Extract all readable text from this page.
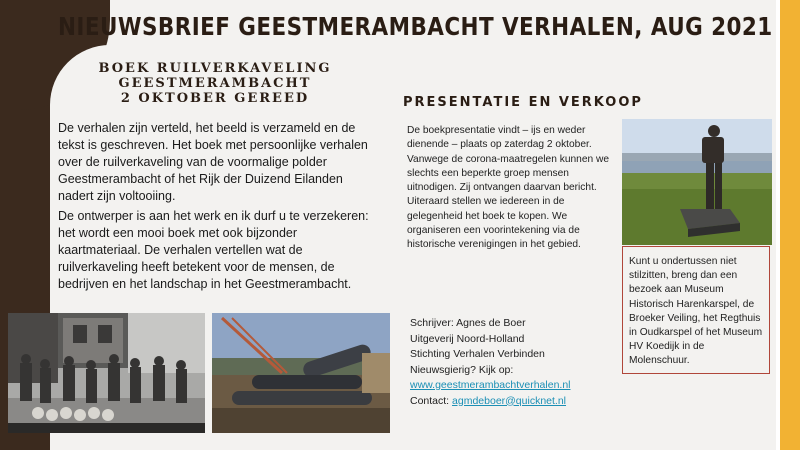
NIEUWSBRIEF GEESTMERAMBACHT VERHALEN, AUG 2021
BOEK RUILVERKAVELING
GEESTMERAMBACHT
2 OKTOBER GEREED

De verhalen zijn verteld, het beeld is verzameld en de tekst is geschreven. Het boek met persoonlijke verhalen over de ruilverkaveling van de voormalige polder Geestmerambacht of het Rijk der Duizend Eilanden nadert zijn voltooiing.

De ontwerper is aan het werk en ik durf u te verzekeren: het wordt een mooi boek met ook bijzonder kaartmateriaal. De verhalen vertellen wat de ruilverkaveling heeft betekent voor de mensen, de bedrijven en het landschap in het Geestmerambacht.

PRESENTATIE EN VERKOOP
De boekpresentatie vindt – ijs en weder dienende – plaats op zaterdag 2 oktober. Vanwege de corona-maatregelen kunnen we slechts een beperkte groep mensen uitnodigen. Zij ontvangen daarvan bericht. Uiteraard stellen we iedereen in de gelegenheid het boek te kopen. We organiseren een voorintekening via de historische verenigingen in het gebied.
Kunt u ondertussen niet stilzitten, breng dan een bezoek aan Museum Historisch Harenkarspel, de Broeker Veiling, het Regthuis in Oudkarspel of het Museum HV Koedijk in de Molenschuur.
Schrijver: Agnes de Boer
Uitgeverij Noord-Holland
Stichting Verhalen Verbinden
Nieuwsgierig? Kijk op:
www.geestmerambachtverhalen.nl
Contact: agmdeboer@quicknet.nl
